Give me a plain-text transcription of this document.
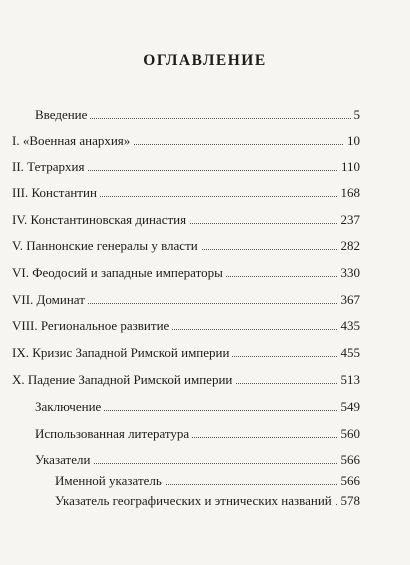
ОГЛАВЛЕНИЕ
Введение	5
I. «Военная анархия»	10
II. Тетрархия	110
III. Константин	168
IV. Константиновская династия	237
V. Паннонские генералы у власти	282
VI. Феодосий и западные императоры	330
VII. Доминат	367
VIII. Региональное развитие	435
IX. Кризис Западной Римской империи	455
X. Падение Западной Римской империи	513
Заключение	549
Использованная литература	560
Указатели	566
Именной указатель	566
Указатель географических и этнических названий 578
